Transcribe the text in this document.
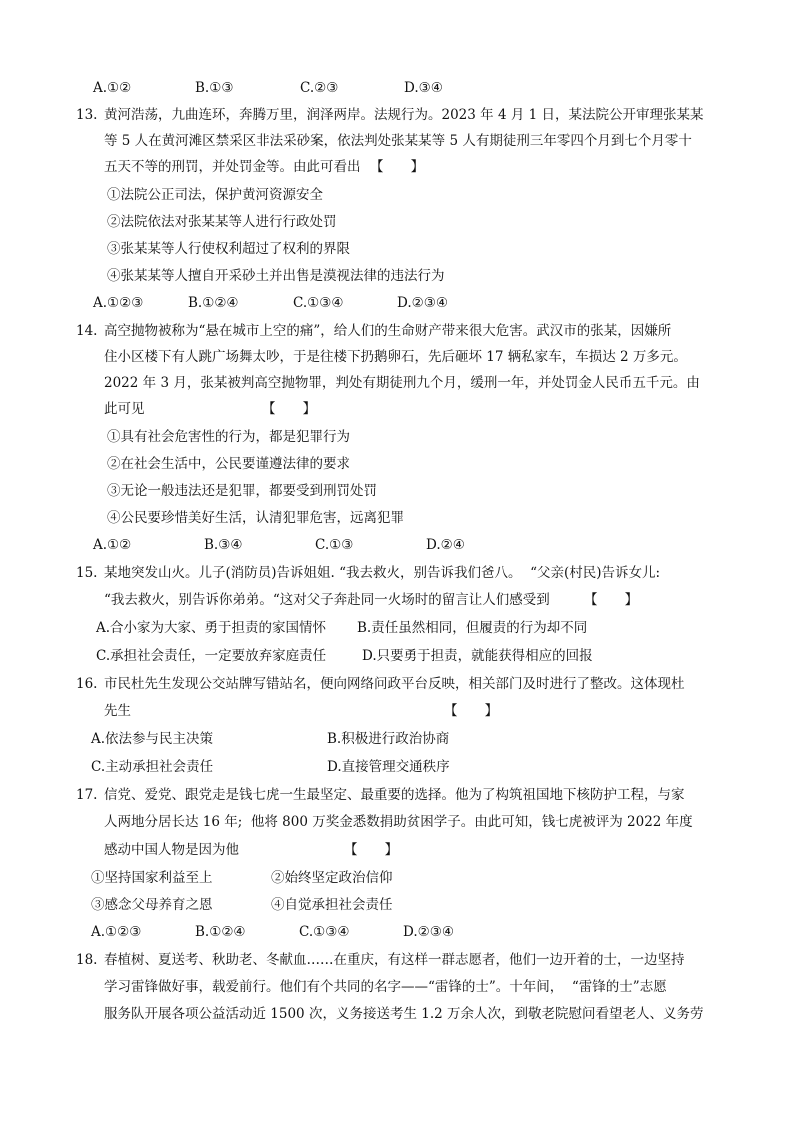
A.①②	B.①③	C.②③	D.③④
13. 黄河浩荡，九曲连环，奔腾万里，润泽两岸。法规行为。2023 年 4 月 1 日，某法院公开审理张某某
等 5 人在黄河滩区禁采区非法采砂案，依法判处张某某等 5 人有期徒刑三年零四个月到七个月零十
五天不等的刑罚，并处罚金等。由此可看出 【    】
①法院公正司法，保护黄河资源安全
②法院依法对张某某等人进行行政处罚
③张某某等人行使权利超过了权利的界限
④张某某等人擅自开采砂土并出售是漠视法律的违法行为
A.①②③	B.①②④	C.①③④	D.②③④
14. 高空抛物被称为“悬在城市上空的痛”，给人们的生命财产带来很大危害。武汉市的张某，因嫌所
住小区楼下有人跳广场舞太吵，于是往楼下扔鹅卵石，先后砸坏 17 辆私家车，车损达 2 万多元。
2022 年 3 月，张某被判高空抛物罪，判处有期徒刑九个月，缓刑一年，并处罚金人民币五千元。由
此可见	【    】
①具有社会危害性的行为，都是犯罪行为
②在社会生活中，公民要谨遵法律的要求
③无论一般违法还是犯罪，都要受到刑罚处罚
④公民要珍惜美好生活，认清犯罪危害，远离犯罪
A.①②	B.③④	C.①③	D.②④
15. 某地突发山火。儿子(消防员)告诉姐姐. “我去救火，别告诉我们爸八。  “父亲(村民)告诉女儿:
“我去救火，别告诉你弟弟。“这对父子奔赴同一火场时的留言让人们感受到	【    】
A.合小家为大家、勇于担责的家国情怀 B.责任虽然相同，但履责的行为却不同
C.承担社会责任，一定要放弃家庭责任	D.只要勇于担责，就能获得相应的回报
16. 市民杜先生发现公交站牌写错站名，便向网络问政平台反映，相关部门及时进行了整改。这体现杜
先生	【    】
A.依法参与民主决策	B.积极进行政治协商
C.主动承担社会责任	D.直接管理交通秩序
17. 信党、爱党、跟党走是钱七虎一生最坚定、最重要的选择。他为了构筑祖国地下核防护工程，与家
人两地分居长达 16 年;  他将 800 万奖金悉数捐助贫困学子。由此可知，钱七虎被评为 2022 年度
感动中国人物是因为他	【    】
①坚持国家利益至上	②始终坚定政治信仰
③感念父母养育之恩	④自觉承担社会责任
A.①②③	B.①②④	C.①③④	D.②③④
18. 春植树、夏送考、秋助老、冬献血……在重庆，有这样一群志愿者，他们一边开着的士，一边坚持
学习雷锋做好事，载爱前行。他们有个共同的名字——“雷锋的士”。十年间，  “雷锋的士”志愿
服务队开展各项公益活动近 1500 次，义务接送考生 1.2 万余人次，到敬老院慰问看望老人、义务劳
